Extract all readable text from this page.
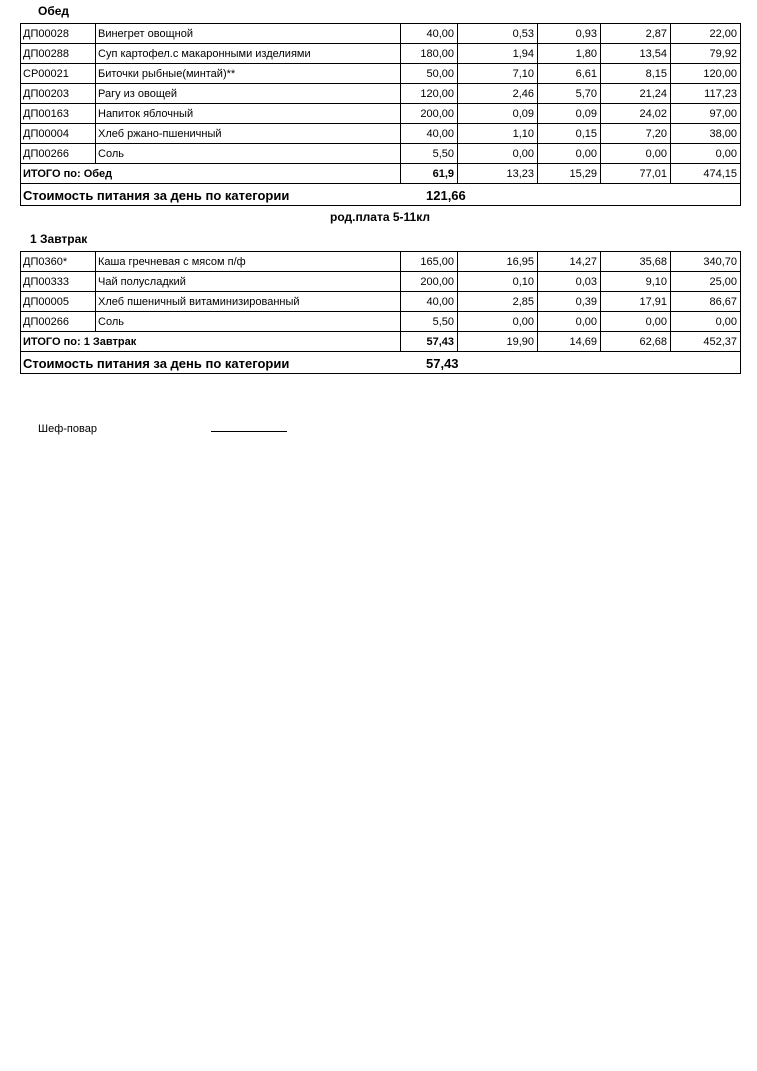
Обед
ДП00028	Винегрет овощной	40,00	0,53	0,93	2,87	22,00
ДП00288	Суп картофел.с макаронными изделиями	180,00	1,94	1,80	13,54	79,92
СР00021	Биточки рыбные(минтай)**	50,00	7,10	6,61	8,15	120,00
ДП00203	Рагу из овощей	120,00	2,46	5,70	21,24	117,23
ДП00163	Напиток яблочный	200,00	0,09	0,09	24,02	97,00
ДП00004	Хлеб ржано-пшеничный	40,00	1,10	0,15	7,20	38,00
ДП00266	Соль	5,50	0,00	0,00	0,00	0,00
ИТОГО по: Обед		61,9	13,23	15,29	77,01	474,15
Стоимость питания за день по категории 121,66						
род.плата 5-11кл
1 Завтрак
ДП0360*	Каша гречневая с мясом п/ф	165,00	16,95	14,27	35,68	340,70
ДП00333	Чай полусладкий	200,00	0,10	0,03	9,10	25,00
ДП00005	Хлеб пшеничный витаминизированный	40,00	2,85	0,39	17,91	86,67
ДП00266	Соль	5,50	0,00	0,00	0,00	0,00
ИТОГО по: 1 Завтрак		57,43	19,90	14,69	62,68	452,37
Стоимость питания за день по категории 57,43						
Шеф-повар
